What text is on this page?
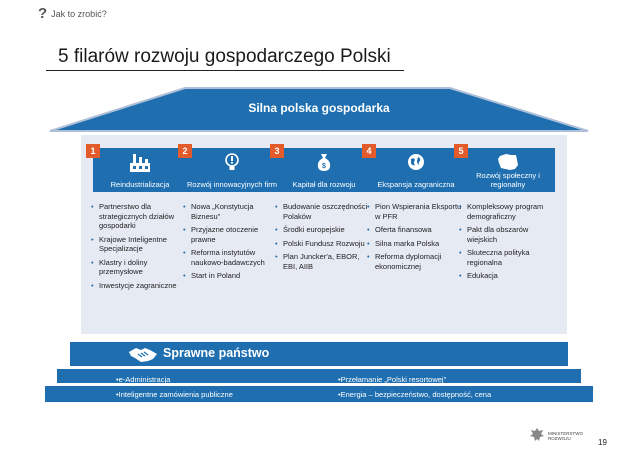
? Jak to zrobić?
5 filarów rozwoju gospodarczego Polski
Silna polska gospodarka
Reindustrializacja
1
• Partnerstwo dla strategicznych działów gospodarki
• Krajowe Inteligentne Specjalizacje
• Klastry i doliny przemysłowe
• Inwestycje zagraniczne
Rozwój innowacyjnych firm
2
• Nowa „Konstytucja Biznesu”
• Przyjazne otoczenie prawne
• Reforma instytutów naukowo-badawczych
• Start in Poland
$
Kapitał dla rozwoju
3
• Budowanie oszczędności Polaków
• Środki europejskie
• Polski Fundusz Rozwoju
• Plan Juncker'a, EBOR, EBI, AIIB
Ekspansja zagraniczna
4
• Pion Wspierania Eksportu w PFR
• Oferta finansowa
• Silna marka Polska
• Reforma dyplomacji ekonomicznej
Rozwój społeczny i regionalny
5
• Kompleksowy program demograficzny
• Pakt dla obszarów wiejskich
• Skuteczna polityka regionalna
• Edukacja
Sprawne państwo
•e-Administracja	•Przełamanie „Polski resortowej”
•Inteligentne zamówienia publiczne	•Energia – bezpieczeństwo, dostępność, cena
MINISTERSTWO
ROZWOJU	19
